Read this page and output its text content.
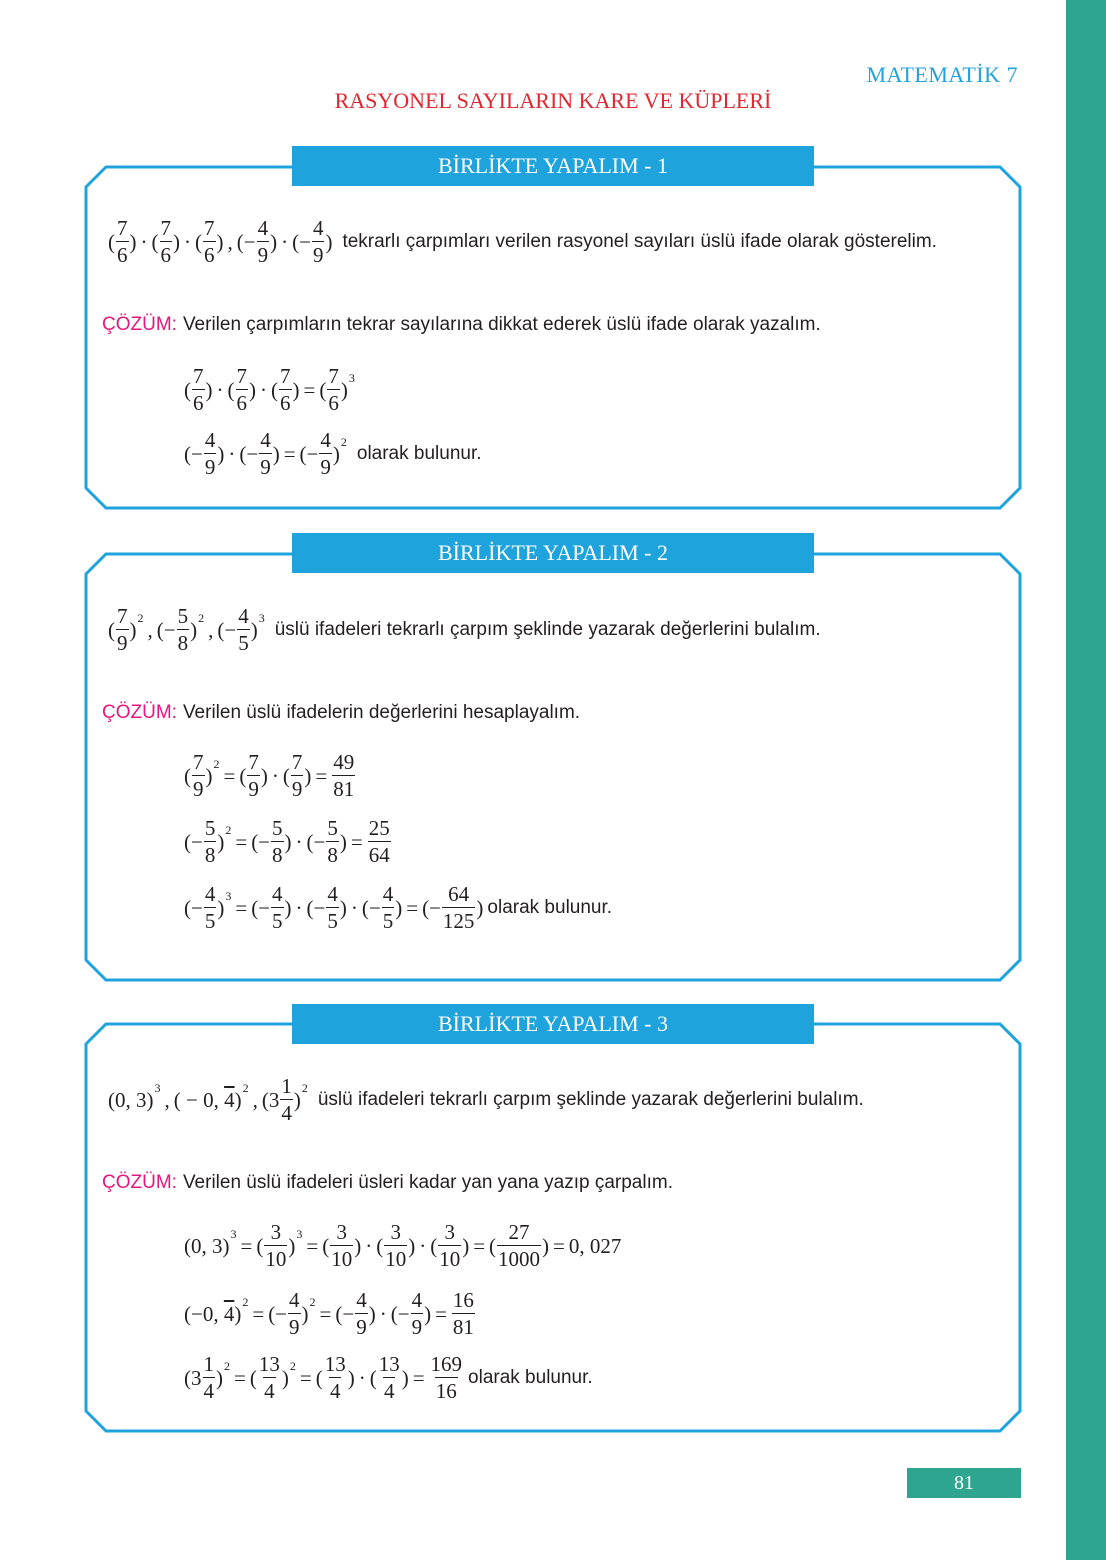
MATEMATİK 7
RASYONEL SAYILARIN KARE VE KÜPLERİ
BİRLİKTE YAPALIM - 1
( $\frac{7}{6}$ ) · ( $\frac{7}{6}$ ) · ( $\frac{7}{6}$ ) , (− $\frac{4}{9}$ ) · (− $\frac{4}{9}$ ) tekrarlı çarpımları verilen rasyonel sayıları üslü ifade olarak gösterelim.
ÇÖZÜM: Verilen çarpımların tekrar sayılarına dikkat ederek üslü ifade olarak yazalım.
( $\frac{7}{6}$ ) · ( $\frac{7}{6}$ ) · ( $\frac{7}{6}$ ) = ( $\frac{7}{6}$ ) 3
(− $\frac{4}{9}$ ) · (− $\frac{4}{9}$ ) = (− $\frac{4}{9}$ ) 2
olarak bulunur.
BİRLİKTE YAPALIM - 2
( $\frac{7}{9}$ ) 2 , (− $\frac{5}{8}$ ) 2 , (− $\frac{4}{5}$ ) 3
üslü ifadeleri tekrarlı çarpım şeklinde yazarak değerlerini bulalım.
ÇÖZÜM: Verilen üslü ifadelerin değerlerini hesaplayalım.
( $\frac{7}{9}$ ) 2 = ( $\frac{7}{9}$ ) · ( $\frac{7}{9}$ ) = $\frac{49}{81}$
(− $\frac{5}{8}$ ) 2 = (− $\frac{5}{8}$ ) · (− $\frac{5}{8}$ ) = $\frac{25}{64}$
(− $\frac{4}{5}$ ) 3 = (− $\frac{4}{5}$ ) · (− $\frac{4}{5}$ ) · (− $\frac{4}{5}$ ) = (− $\frac{64}{125}$ ) olarak bulunur.
BİRLİKTE YAPALIM - 3
(0, 3) 3 , ( − 0, 4) 2 , ($3 \frac{1}{4}$ ) 2
üslü ifadeleri tekrarlı çarpım şeklinde yazarak değerlerini bulalım.
ÇÖZÜM: Verilen üslü ifadeleri üsleri kadar yan yana yazıp çarpalım.
(0, 3) 3 = ( $\frac{3}{10}$ ) 3 = ( $\frac{3}{10}$ ) · ( $\frac{3}{10}$ ) · ( $\frac{3}{10}$ ) = ( $\frac{27}{1000}$ ) = 0, 027
(−0, 4) 2 = (− $\frac{4}{9}$ ) 2 = (− $\frac{4}{9}$ ) · (− $\frac{4}{9}$ ) = $\frac{16}{81}$
($3 \frac{1}{4}$ ) 2 = ( $\frac{13}{4}$ ) 2 = ( $\frac{13}{4}$ ) · ( $\frac{13}{4}$ ) = $\frac{169}{16}$ olarak bulunur.
81
